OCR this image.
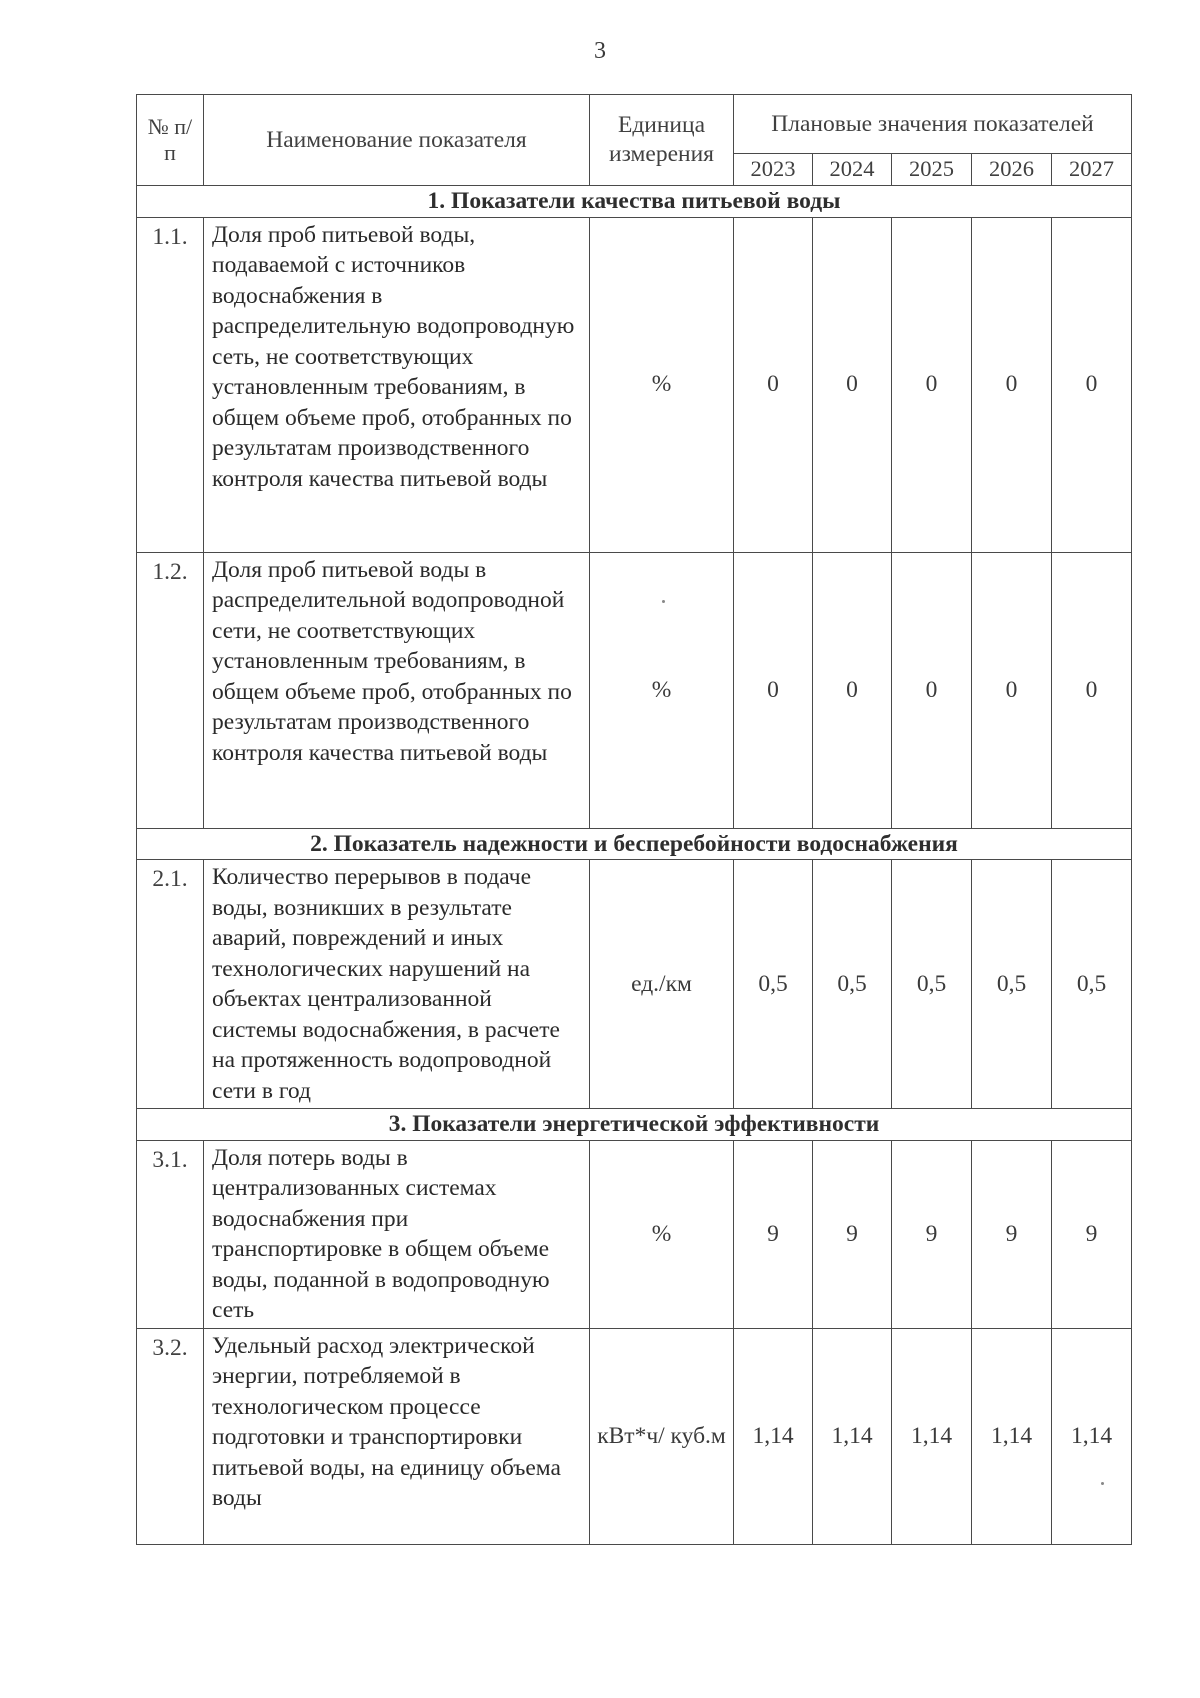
3
№ п/п	Наименование показателя	Единица измерения	Плановые значения показателей				
			2023	2024	2025	2026	2027
1. Показатели качества питьевой воды							
1.1.	Доля проб питьевой воды, подаваемой с источников водоснабжения в распределительную водопроводную сеть, не соответствующих установленным требованиям, в общем объеме проб, отобранных по результатам производственного контроля качества питьевой воды	%	0	0	0	0	0
1.2.	Доля проб питьевой воды в распределительной водопроводной сети, не соответствующих установленным требованиям, в общем объеме проб, отобранных по результатам производственного контроля качества питьевой воды	%	0	0	0	0	0
2. Показатель надежности и бесперебойности водоснабжения							
2.1.	Количество перерывов в подаче воды, возникших в результате аварий, повреждений и иных технологических нарушений на объектах централизованной системы водоснабжения, в расчете на протяженность водопроводной сети в год	ед./км	0,5	0,5	0,5	0,5	0,5
3. Показатели энергетической эффективности							
3.1.	Доля потерь воды в централизованных системах водоснабжения при транспортировке в общем объеме воды, поданной в водопроводную сеть	%	9	9	9	9	9
3.2.	Удельный расход электрической энергии, потребляемой в технологическом процессе подготовки и транспортировки питьевой воды, на единицу объема воды	кВт*ч/ куб.м	1,14	1,14	1,14	1,14	1,14
